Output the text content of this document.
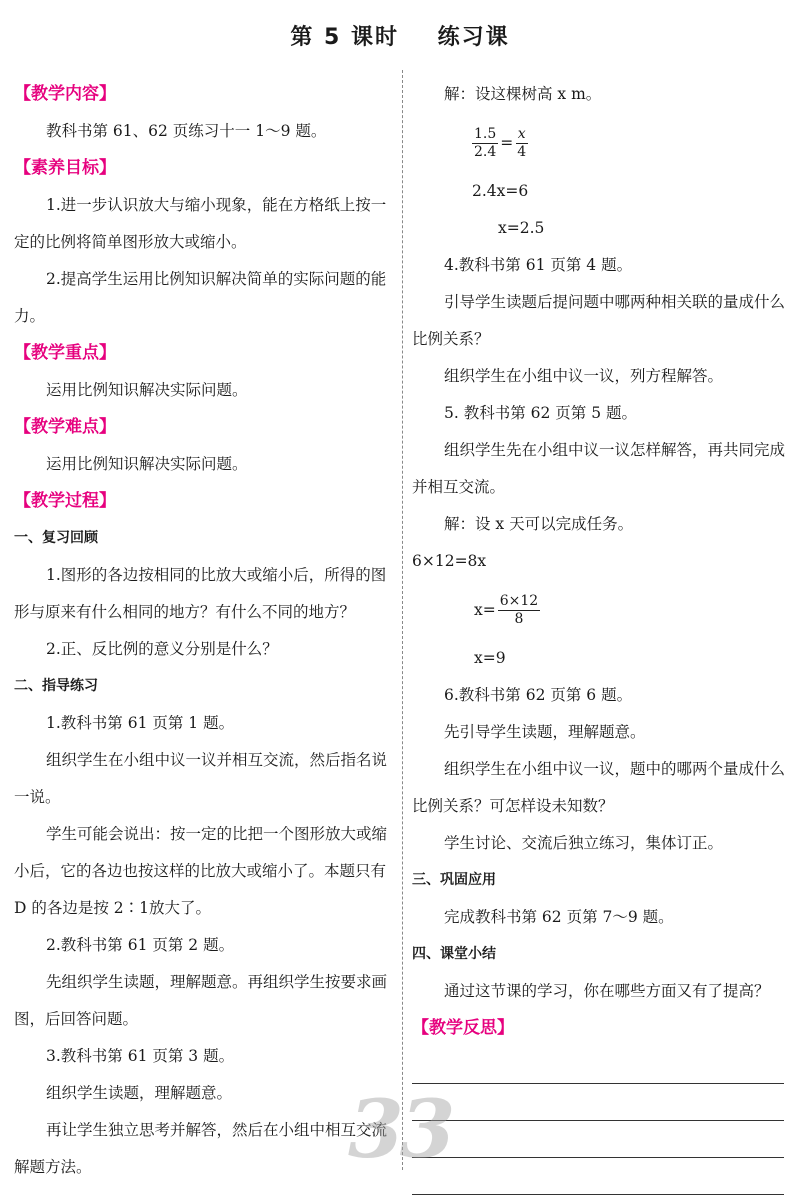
第 5 课时    练习课

【教学内容】

教科书第 61、62 页练习十一 1～9 题。

【素养目标】

1.进一步认识放大与缩小现象，能在方格纸上按一定的比例将简单图形放大或缩小。

2.提高学生运用比例知识解决简单的实际问题的能力。

【教学重点】

运用比例知识解决实际问题。

【教学难点】

运用比例知识解决实际问题。

【教学过程】

一、复习回顾

1.图形的各边按相同的比放大或缩小后，所得的图形与原来有什么相同的地方？有什么不同的地方？

2.正、反比例的意义分别是什么？

二、指导练习

1.教科书第 61 页第 1 题。

组织学生在小组中议一议并相互交流，然后指名说一说。

学生可能会说出：按一定的比把一个图形放大或缩小后，它的各边也按这样的比放大或缩小了。本题只有 D 的各边是按 2∶1放大了。

2.教科书第 61 页第 2 题。

先组织学生读题，理解题意。再组织学生按要求画图，后回答问题。

3.教科书第 61 页第 3 题。

组织学生读题，理解题意。

再让学生独立思考并解答，然后在小组中相互交流解题方法。

解：设这棵树高 x m。

$\frac{1.5}{2.4} = \frac{x}{4}$

2.4x=6

x=2.5

4.教科书第 61 页第 4 题。

引导学生读题后提问题中哪两种相关联的量成什么比例关系？

组织学生在小组中议一议，列方程解答。

5. 教科书第 62 页第 5 题。

组织学生先在小组中议一议怎样解答，再共同完成并相互交流。

解：设 x 天可以完成任务。

6×12=8x

$x= \frac{6\times 12}{8}$

x=9

6.教科书第 62 页第 6 题。

先引导学生读题，理解题意。

组织学生在小组中议一议，题中的哪两个量成什么比例关系？可怎样设未知数？

学生讨论、交流后独立练习，集体订正。

三、巩固应用

完成教科书第 62 页第 7～9 题。

四、课堂小结

通过这节课的学习，你在哪些方面又有了提高？

【教学反思】

33
